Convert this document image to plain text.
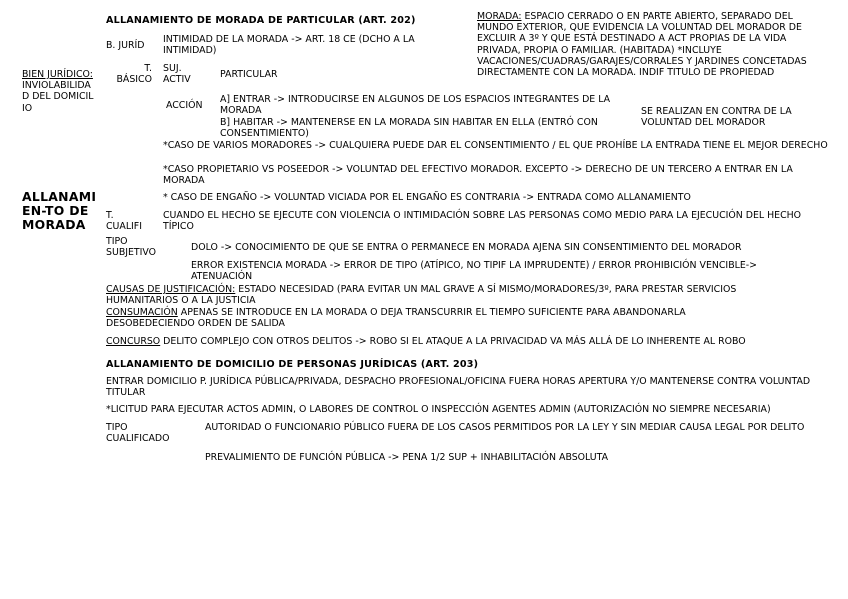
ALLANAMIENTO DE MORADA DE PARTICULAR (ART. 202)
ALLANAMI
EN-TO DE
MORADA
BIEN JURÍDICO: INVIOLABILIDAD DEL DOMICILIO
B. JURÍD
INTIMIDAD DE LA MORADA -> ART. 18 CE (DCHO A LA INTIMIDAD)
MORADA: ESPACIO CERRADO O EN PARTE ABIERTO, SEPARADO DEL MUNDO EXTERIOR, QUE EVIDENCIA LA VOLUNTAD DEL MORADOR DE EXCLUIR A 3º Y QUE ESTÁ DESTINADO A ACT PROPIAS DE LA VIDA PRIVADA, PROPIA O FAMILIAR. (HABITADA) *INCLUYE VACACIONES/CUADRAS/GARAJES/CORRALES Y JARDINES CONCETADAS DIRECTAMENTE CON LA MORADA. INDIF TITULO DE PROPIEDAD
T.
BÁSICO
SUJ. ACTIV	PARTICULAR
ACCIÓN
A] ENTRAR -> INTRODUCIRSE EN ALGUNOS DE LOS ESPACIOS INTEGRANTES DE LA MORADA
B] HABITAR -> MANTENERSE EN LA MORADA SIN HABITAR EN ELLA (ENTRÓ CON CONSENTIMIENTO)
SE REALIZAN EN CONTRA DE LA VOLUNTAD DEL MORADOR
*CASO DE VARIOS MORADORES -> CUALQUIERA PUEDE DAR EL CONSENTIMIENTO / EL QUE PROHÍBE LA ENTRADA TIENE EL MEJOR DERECHO
*CASO PROPIETARIO VS POSEEDOR -> VOLUNTAD DEL EFECTIVO MORADOR. EXCEPTO -> DERECHO DE UN TERCERO A ENTRAR EN LA MORADA
* CASO DE ENGAÑO -> VOLUNTAD VICIADA POR EL ENGAÑO ES CONTRARIA -> ENTRADA COMO ALLANAMIENTO
T.
CUALIFI
CUANDO EL HECHO SE EJECUTE CON VIOLENCIA O INTIMIDACIÓN SOBRE LAS PERSONAS COMO MEDIO PARA LA EJECUCIÓN DEL HECHO TÍPICO
TIPO
SUBJETIVO	DOLO -> CONOCIMIENTO DE QUE SE ENTRA O PERMANECE EN MORADA AJENA SIN CONSENTIMIENTO DEL MORADOR
ERROR EXISTENCIA MORADA -> ERROR DE TIPO (ATÍPICO, NO TIPIF LA IMPRUDENTE) / ERROR PROHIBICIÓN VENCIBLE-> ATENUACIÓN
CAUSAS DE JUSTIFICACIÓN: ESTADO NECESIDAD (PARA EVITAR UN MAL GRAVE A SÍ MISMO/MORADORES/3º, PARA PRESTAR SERVICIOS HUMANITARIOS O A LA JUSTICIA
CONSUMACIÓN APENAS SE INTRODUCE EN LA MORADA O DEJA TRANSCURRIR EL TIEMPO SUFICIENTE PARA ABANDONARLA DESOBEDECIENDO ORDEN DE SALIDA
CONCURSO DELITO COMPLEJO CON OTROS DELITOS -> ROBO SI EL ATAQUE A LA PRIVACIDAD VA MÁS ALLÁ DE LO INHERENTE AL ROBO
ALLANAMIENTO DE DOMICILIO DE PERSONAS JURÍDICAS (ART. 203)
ENTRAR DOMICILIO P. JURÍDICA PÚBLICA/PRIVADA, DESPACHO PROFESIONAL/OFICINA FUERA HORAS APERTURA Y/O MANTENERSE CONTRA VOLUNTAD TITULAR
*LICITUD PARA EJECUTAR ACTOS ADMIN, O LABORES DE CONTROL O INSPECCIÓN AGENTES ADMIN (AUTORIZACIÓN NO SIEMPRE NECESARIA)
TIPO
CUALIFICADO
AUTORIDAD O FUNCIONARIO PÚBLICO FUERA DE LOS CASOS PERMITIDOS POR LA LEY Y SIN MEDIAR CAUSA LEGAL POR DELITO
PREVALIMIENTO DE FUNCIÓN PÚBLICA -> PENA 1/2 SUP + INHABILITACIÓN ABSOLUTA
